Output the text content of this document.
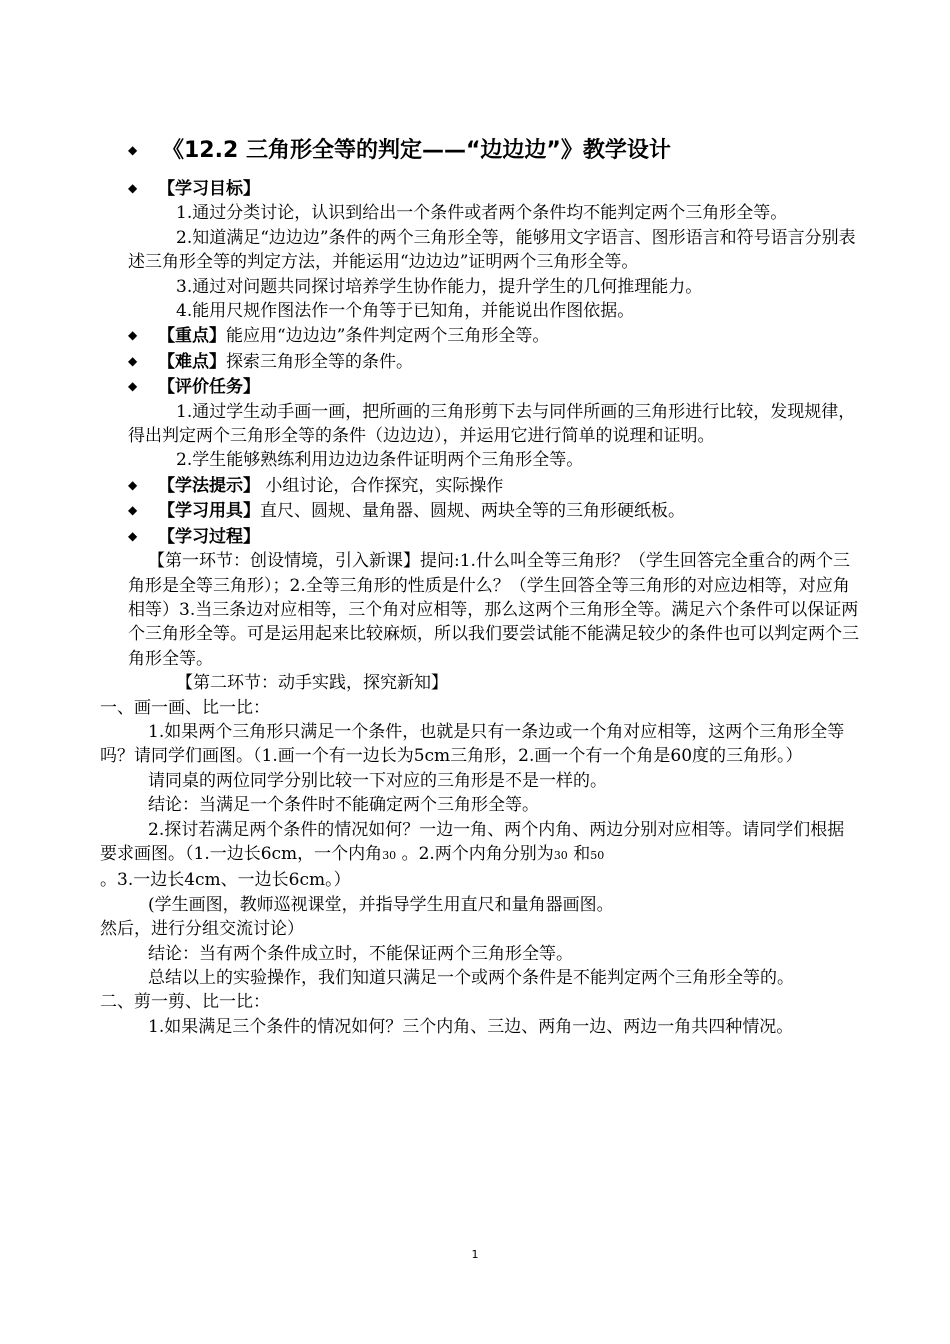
◆ 《12.2 三角形全等的判定——“边边边”》教学设计

◆ 【学习目标】

1.通过分类讨论，认识到给出一个条件或者两个条件均不能判定两个三角形全等。

2.知道满足“边边边”条件的两个三角形全等，能够用文字语言、图形语言和符号语言分别表述三角形全等的判定方法，并能运用“边边边”证明两个三角形全等。

3.通过对问题共同探讨培养学生协作能力，提升学生的几何推理能力。

4.能用尺规作图法作一个角等于已知角，并能说出作图依据。

◆ 【重点】能应用“边边边”条件判定两个三角形全等。

◆ 【难点】探索三角形全等的条件。

◆ 【评价任务】

1.通过学生动手画一画，把所画的三角形剪下去与同伴所画的三角形进行比较，发现规律，得出判定两个三角形全等的条件（边边边），并运用它进行简单的说理和证明。

2.学生能够熟练利用边边边条件证明两个三角形全等。

◆ 【学法提示】 小组讨论，合作探究，实际操作

◆ 【学习用具】直尺、圆规、量角器、圆规、两块全等的三角形硬纸板。

◆ 【学习过程】

【第一环节：创设情境，引入新课】提问:1.什么叫全等三角形？（学生回答完全重合的两个三角形是全等三角形）；2.全等三角形的性质是什么？（学生回答全等三角形的对应边相等，对应角相等）3.当三条边对应相等，三个角对应相等，那么这两个三角形全等。满足六个条件可以保证两个三角形全等。可是运用起来比较麻烦，所以我们要尝试能不能满足较少的条件也可以判定两个三角形全等。

【第二环节：动手实践，探究新知】

一、画一画、比一比：

1.如果两个三角形只满足一个条件，也就是只有一条边或一个角对应相等，这两个三角形全等吗？请同学们画图。（1.画一个有一边长为5cm三角形，2.画一个有一个角是60度的三角形。）

请同桌的两位同学分别比较一下对应的三角形是不是一样的。

结论：当满足一个条件时不能确定两个三角形全等。

2.探讨若满足两个条件的情况如何？一边一角、两个内角、两边分别对应相等。请同学们根据要求画图。（1.一边长6cm，一个内角30 。2.两个内角分别为30 和50 。3.一边长4cm、一边长6cm。）

(学生画图，教师巡视课堂，并指导学生用直尺和量角器画图。

然后，进行分组交流讨论）

结论：当有两个条件成立时，不能保证两个三角形全等。

总结以上的实验操作，我们知道只满足一个或两个条件是不能判定两个三角形全等的。

二、剪一剪、比一比：

1.如果满足三个条件的情况如何？三个内角、三边、两角一边、两边一角共四种情况。

1
